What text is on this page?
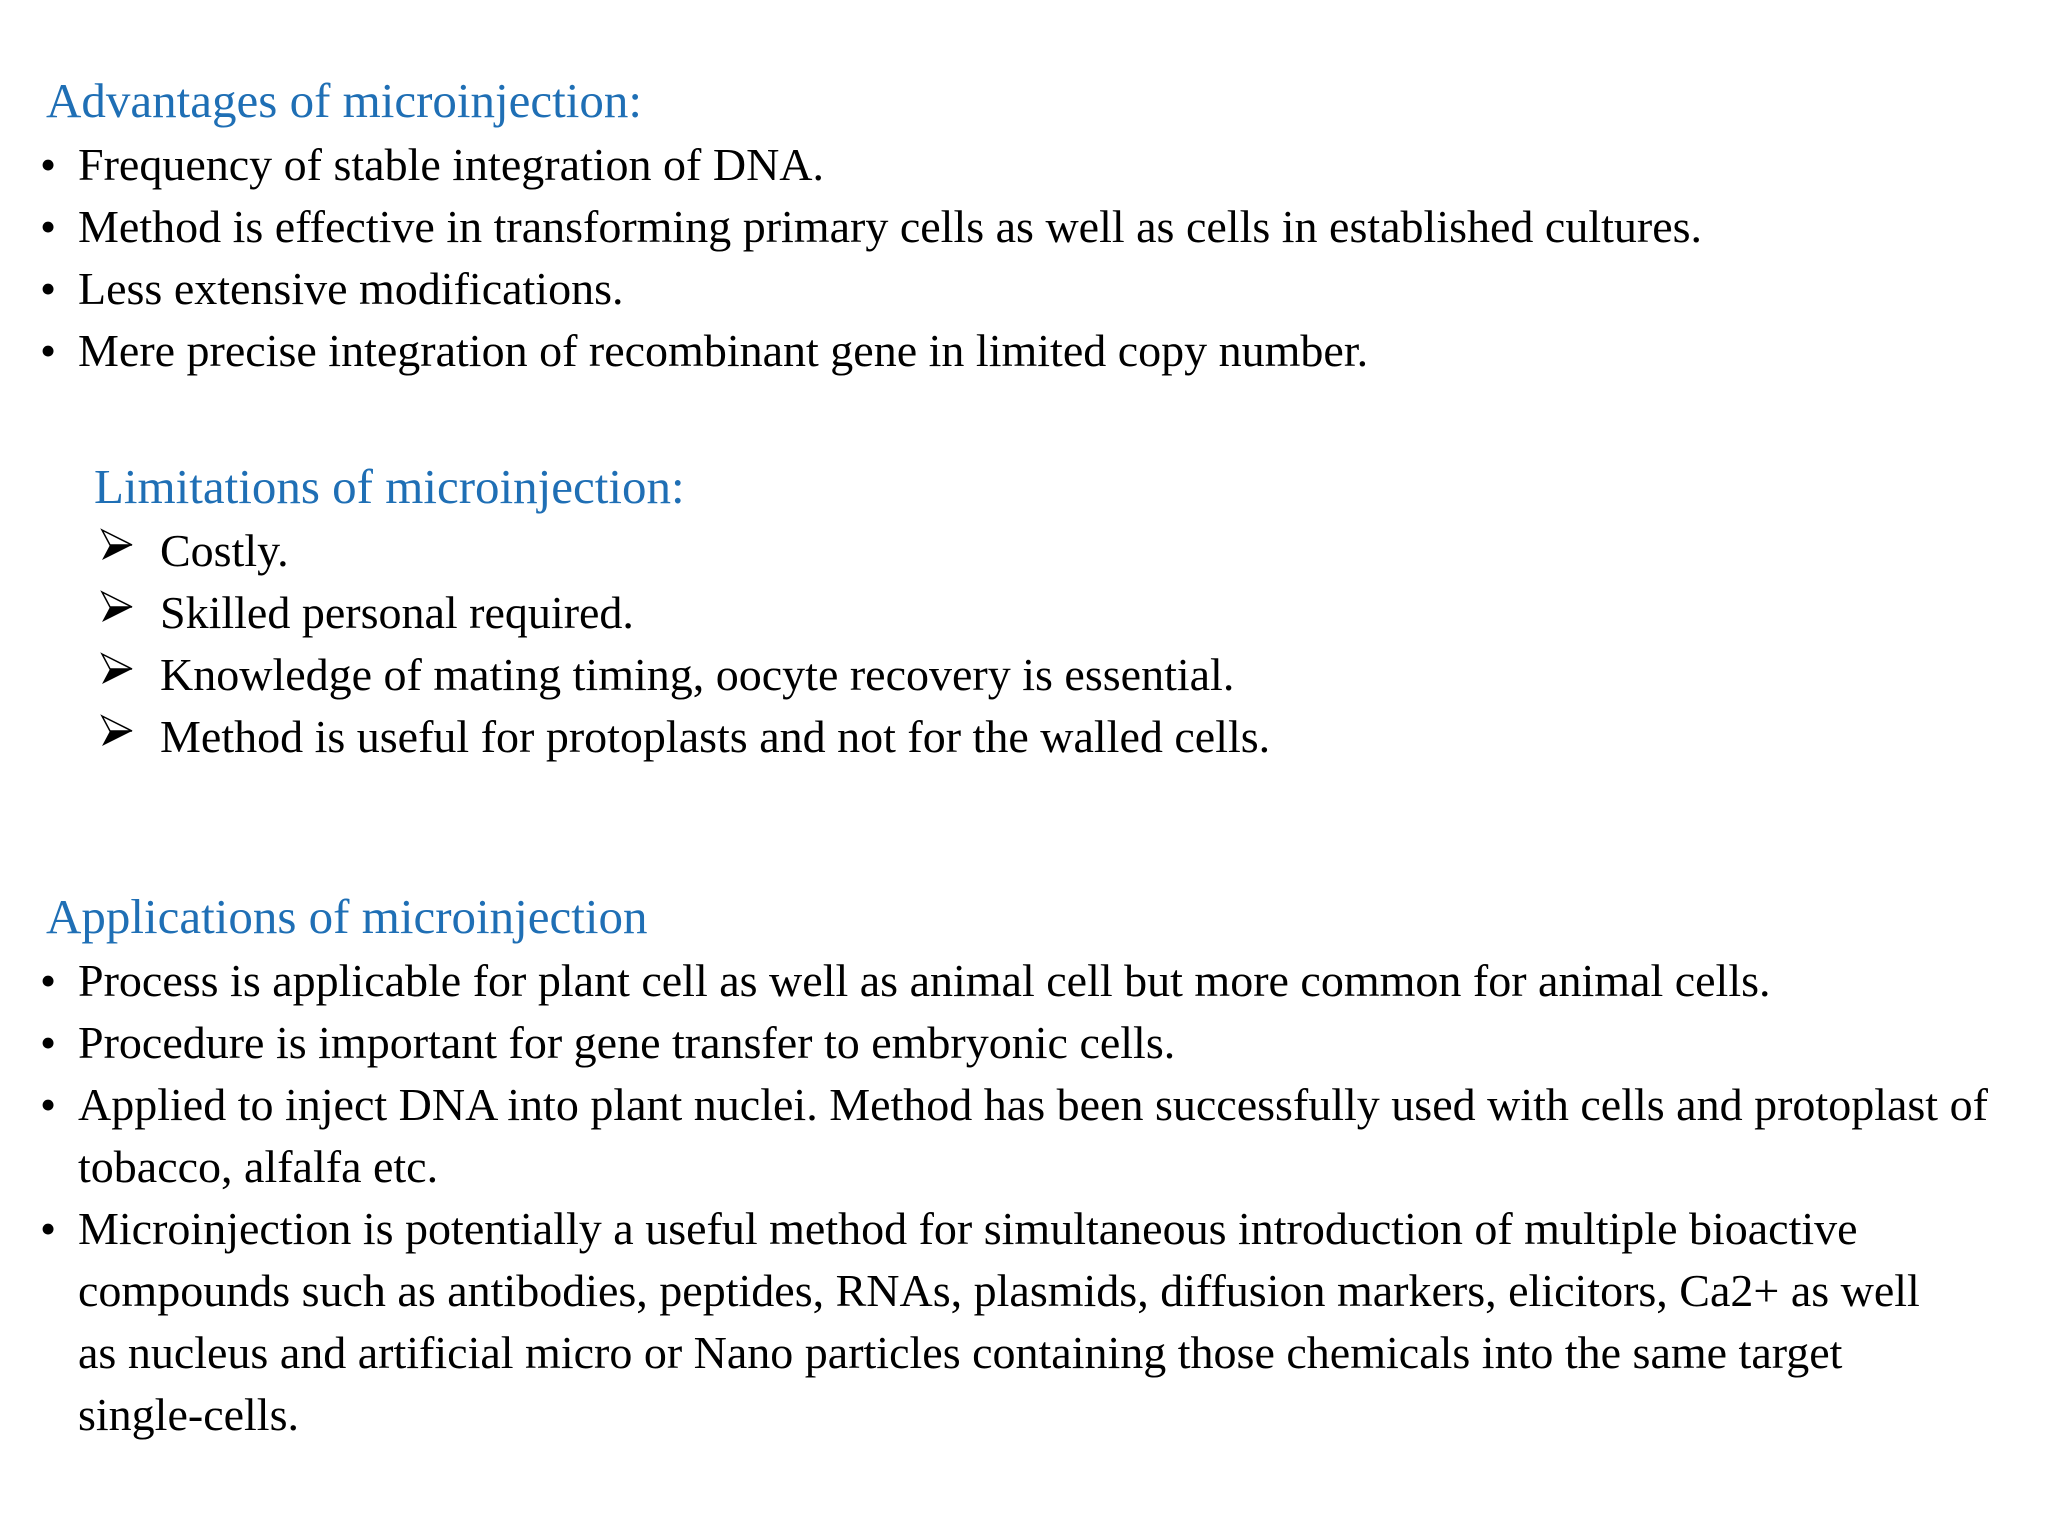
Advantages of microinjection:
• Frequency of stable integration of DNA.
• Method is effective in transforming primary cells as well as cells in established cultures.
• Less extensive modifications.
• Mere precise integration of recombinant gene in limited copy number.
Limitations of microinjection:
Costly.
Skilled personal required.
Knowledge of mating timing, oocyte recovery is essential.
Method is useful for protoplasts and not for the walled cells.
Applications of microinjection
• Process is applicable for plant cell as well as animal cell but more common for animal cells.
• Procedure is important for gene transfer to embryonic cells.
• Applied to inject DNA into plant nuclei. Method has been successfully used with cells and protoplast of tobacco, alfalfa etc.
• Microinjection is potentially a useful method for simultaneous introduction of multiple bioactive compounds such as antibodies, peptides, RNAs, plasmids, diffusion markers, elicitors, Ca2+ as well as nucleus and artificial micro or Nano particles containing those chemicals into the same target single-cells.
